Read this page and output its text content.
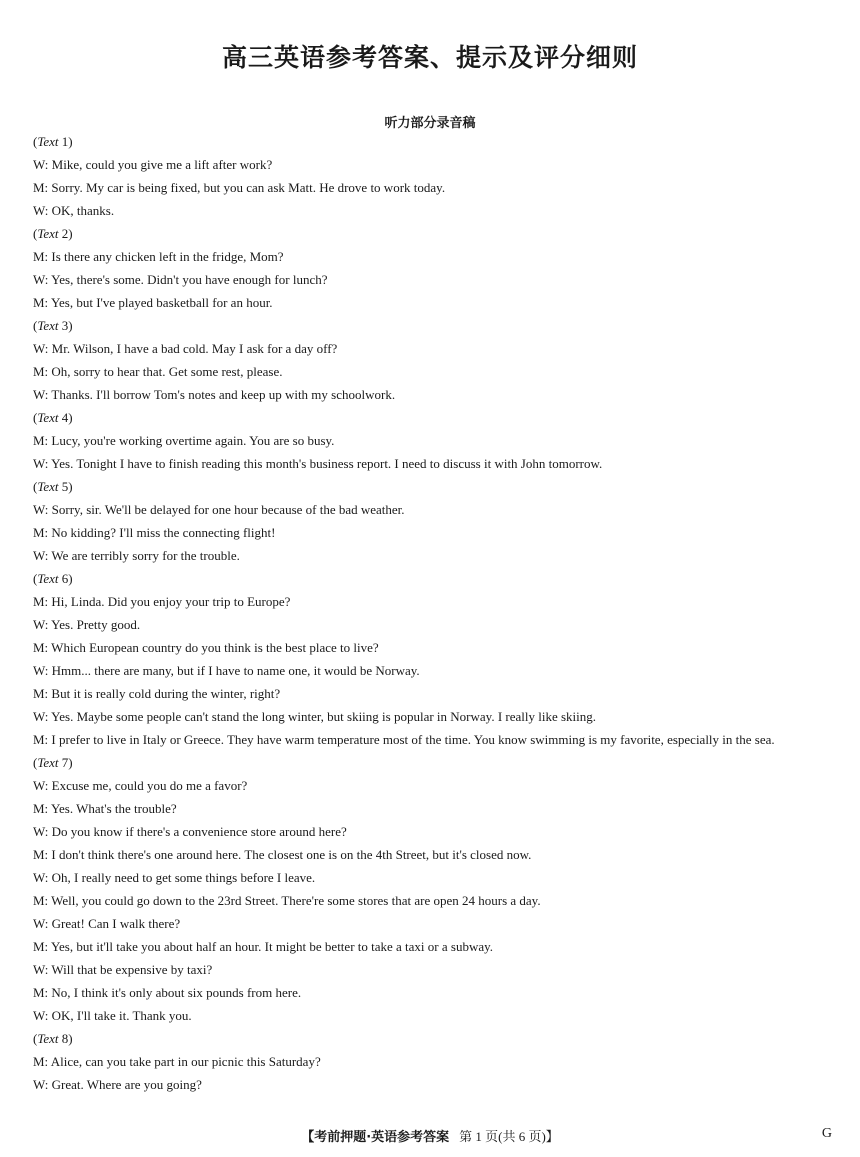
高三英语参考答案、提示及评分细则
听力部分录音稿
(Text 1)
W: Mike, could you give me a lift after work?
M: Sorry. My car is being fixed, but you can ask Matt. He drove to work today.
W: OK, thanks.
(Text 2)
M: Is there any chicken left in the fridge, Mom?
W: Yes, there's some. Didn't you have enough for lunch?
M: Yes, but I've played basketball for an hour.
(Text 3)
W: Mr. Wilson, I have a bad cold. May I ask for a day off?
M: Oh, sorry to hear that. Get some rest, please.
W: Thanks. I'll borrow Tom's notes and keep up with my schoolwork.
(Text 4)
M: Lucy, you're working overtime again. You are so busy.
W: Yes. Tonight I have to finish reading this month's business report. I need to discuss it with John tomorrow.
(Text 5)
W: Sorry, sir. We'll be delayed for one hour because of the bad weather.
M: No kidding? I'll miss the connecting flight!
W: We are terribly sorry for the trouble.
(Text 6)
M: Hi, Linda. Did you enjoy your trip to Europe?
W: Yes. Pretty good.
M: Which European country do you think is the best place to live?
W: Hmm... there are many, but if I have to name one, it would be Norway.
M: But it is really cold during the winter, right?
W: Yes. Maybe some people can't stand the long winter, but skiing is popular in Norway. I really like skiing.
M: I prefer to live in Italy or Greece. They have warm temperature most of the time. You know swimming is my favorite, especially in the sea.
(Text 7)
W: Excuse me, could you do me a favor?
M: Yes. What's the trouble?
W: Do you know if there's a convenience store around here?
M: I don't think there's one around here. The closest one is on the 4th Street, but it's closed now.
W: Oh, I really need to get some things before I leave.
M: Well, you could go down to the 23rd Street. There're some stores that are open 24 hours a day.
W: Great! Can I walk there?
M: Yes, but it'll take you about half an hour. It might be better to take a taxi or a subway.
W: Will that be expensive by taxi?
M: No, I think it's only about six pounds from here.
W: OK, I'll take it. Thank you.
(Text 8)
M: Alice, can you take part in our picnic this Saturday?
W: Great. Where are you going?
【考前押题·英语参考答案 第 1 页(共 6 页)】	G
